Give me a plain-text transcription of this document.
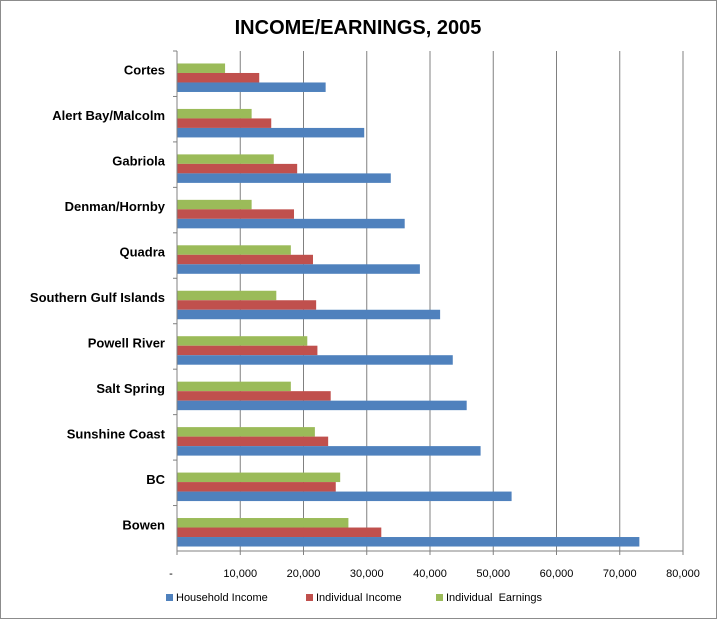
INCOME/EARNINGS, 2005
Cortes
Alert Bay/Malcolm
Gabriola
Denman/Hornby
Quadra
Southern Gulf Islands
Powell River
Salt Spring
Sunshine Coast
BC
Bowen
-	10,000	20,000	30,000	40,000	50,000	60,000	70,000	80,000
Household Income	Individual Income	Individual  Earnings
